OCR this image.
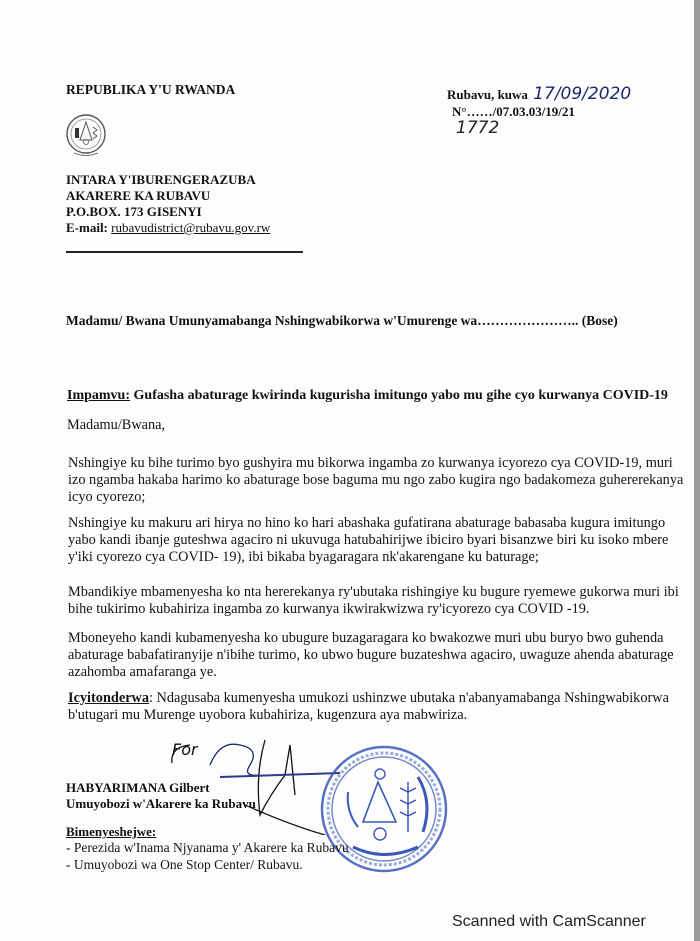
REPUBLIKA Y'U RWANDA
INTARA Y'IBURENGERAZUBA
AKARERE KA RUBAVU
P.O.BOX. 173 GISENYI
E-mail: rubavudistrict@rubavu.gov.rw
Rubavu, kuwa 17/09/2020
N°……/07.03.03/19/21
1772
Madamu/ Bwana Umunyamabanga Nshingwabikorwa w'Umurenge wa………………….. (Bose)
Impamvu: Gufasha abaturage kwirinda kugurisha imitungo yabo mu gihe cyo kurwanya COVID-19
Madamu/Bwana,
Nshingiye ku bihe turimo byo gushyira mu bikorwa ingamba zo kurwanya icyorezo cya COVID-19, muri
izo ngamba hakaba harimo ko abaturage bose baguma mu ngo zabo kugira ngo badakomeza guhererekanya
icyo cyorezo;
Nshingiye ku makuru ari hirya no hino ko hari abashaka gufatirana abaturage babasaba kugura imitungo
yabo kandi ibanje guteshwa agaciro ni ukuvuga hatubahirijwe ibiciro byari bisanzwe biri ku isoko mbere
y'iki cyorezo cya COVID- 19), ibi bikaba byagaragara nk'akarengane ku baturage;
Mbandikiye mbamenyesha ko nta hererekanya ry'ubutaka rishingiye ku bugure ryemewe gukorwa muri ibi
bihe tukirimo kubahiriza ingamba zo kurwanya ikwirakwizwa ry'icyorezo cya COVID -19.
Mboneyeho kandi kubamenyesha ko ubugure buzagaragara ko bwakozwe muri ubu buryo bwo guhenda
abaturage babafatiranyije n'ibihe turimo, ko ubwo bugure buzateshwa agaciro, uwaguze ahenda abaturage
azahomba amafaranga ye.
Icyitonderwa: Ndagusaba kumenyesha umukozi ushinzwe ubutaka n'abanyamabanga Nshingwabikorwa
b'utugari mu Murenge uyobora kubahiriza, kugenzura aya mabwiriza.
For
HABYARIMANA Gilbert
Umuyobozi w'Akarere ka Rubavu
Bimenyeshejwe:
- Perezida w'Inama Njyanama y' Akarere ka Rubavu
- Umuyobozi wa One Stop Center/ Rubavu.
Scanned with CamScanner
